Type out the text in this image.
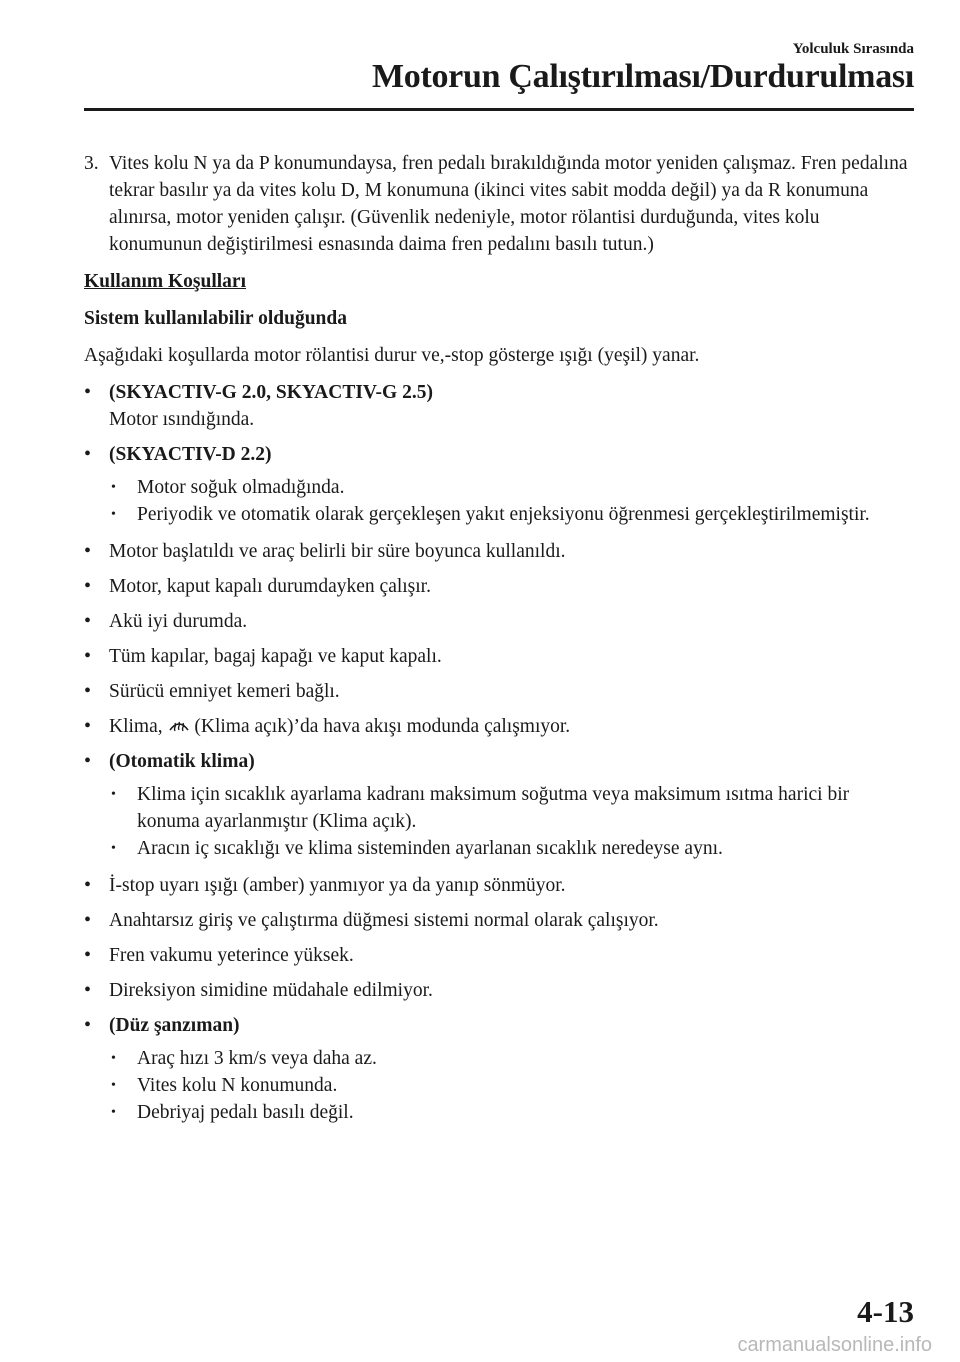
Yolculuk Sırasında
Motorun Çalıştırılması/Durdurulması
3. Vites kolu N ya da P konumundaysa, fren pedalı bırakıldığında motor yeniden çalışmaz. Fren pedalına tekrar basılır ya da vites kolu D, M konumuna (ikinci vites sabit modda değil) ya da R konumuna alınırsa, motor yeniden çalışır. (Güvenlik nedeniyle, motor rölantisi durduğunda, vites kolu konumunun değiştirilmesi esnasında daima fren pedalını basılı tutun.)
Kullanım Koşulları
Sistem kullanılabilir olduğunda
Aşağıdaki koşullarda motor rölantisi durur ve,-stop gösterge ışığı (yeşil) yanar.
• (SKYACTIV-G 2.0, SKYACTIV-G 2.5)
Motor ısındığında.
• (SKYACTIV-D 2.2)
•	Motor soğuk olmadığında.
•	Periyodik ve otomatik olarak gerçekleşen yakıt enjeksiyonu öğrenmesi gerçekleştirilmemiştir.
• Motor başlatıldı ve araç belirli bir süre boyunca kullanıldı.
• Motor, kaput kapalı durumdayken çalışır.
• Akü iyi durumda.
• Tüm kapılar, bagaj kapağı ve kaput kapalı.
• Sürücü emniyet kemeri bağlı.
• Klima, (Klima açık)’da hava akışı modunda çalışmıyor.
• (Otomatik klima)
•	Klima için sıcaklık ayarlama kadranı maksimum soğutma veya maksimum ısıtma harici bir konuma ayarlanmıştır (Klima açık).
•	Aracın iç sıcaklığı ve klima sisteminden ayarlanan sıcaklık neredeyse aynı.
• İ-stop uyarı ışığı (amber) yanmıyor ya da yanıp sönmüyor.
• Anahtarsız giriş ve çalıştırma düğmesi sistemi normal olarak çalışıyor.
• Fren vakumu yeterince yüksek.
• Direksiyon simidine müdahale edilmiyor.
• (Düz şanzıman)
•	Araç hızı 3 km/s veya daha az.
•	Vites kolu N konumunda.
•	Debriyaj pedalı basılı değil.
4-13
carmanualsonline.info
